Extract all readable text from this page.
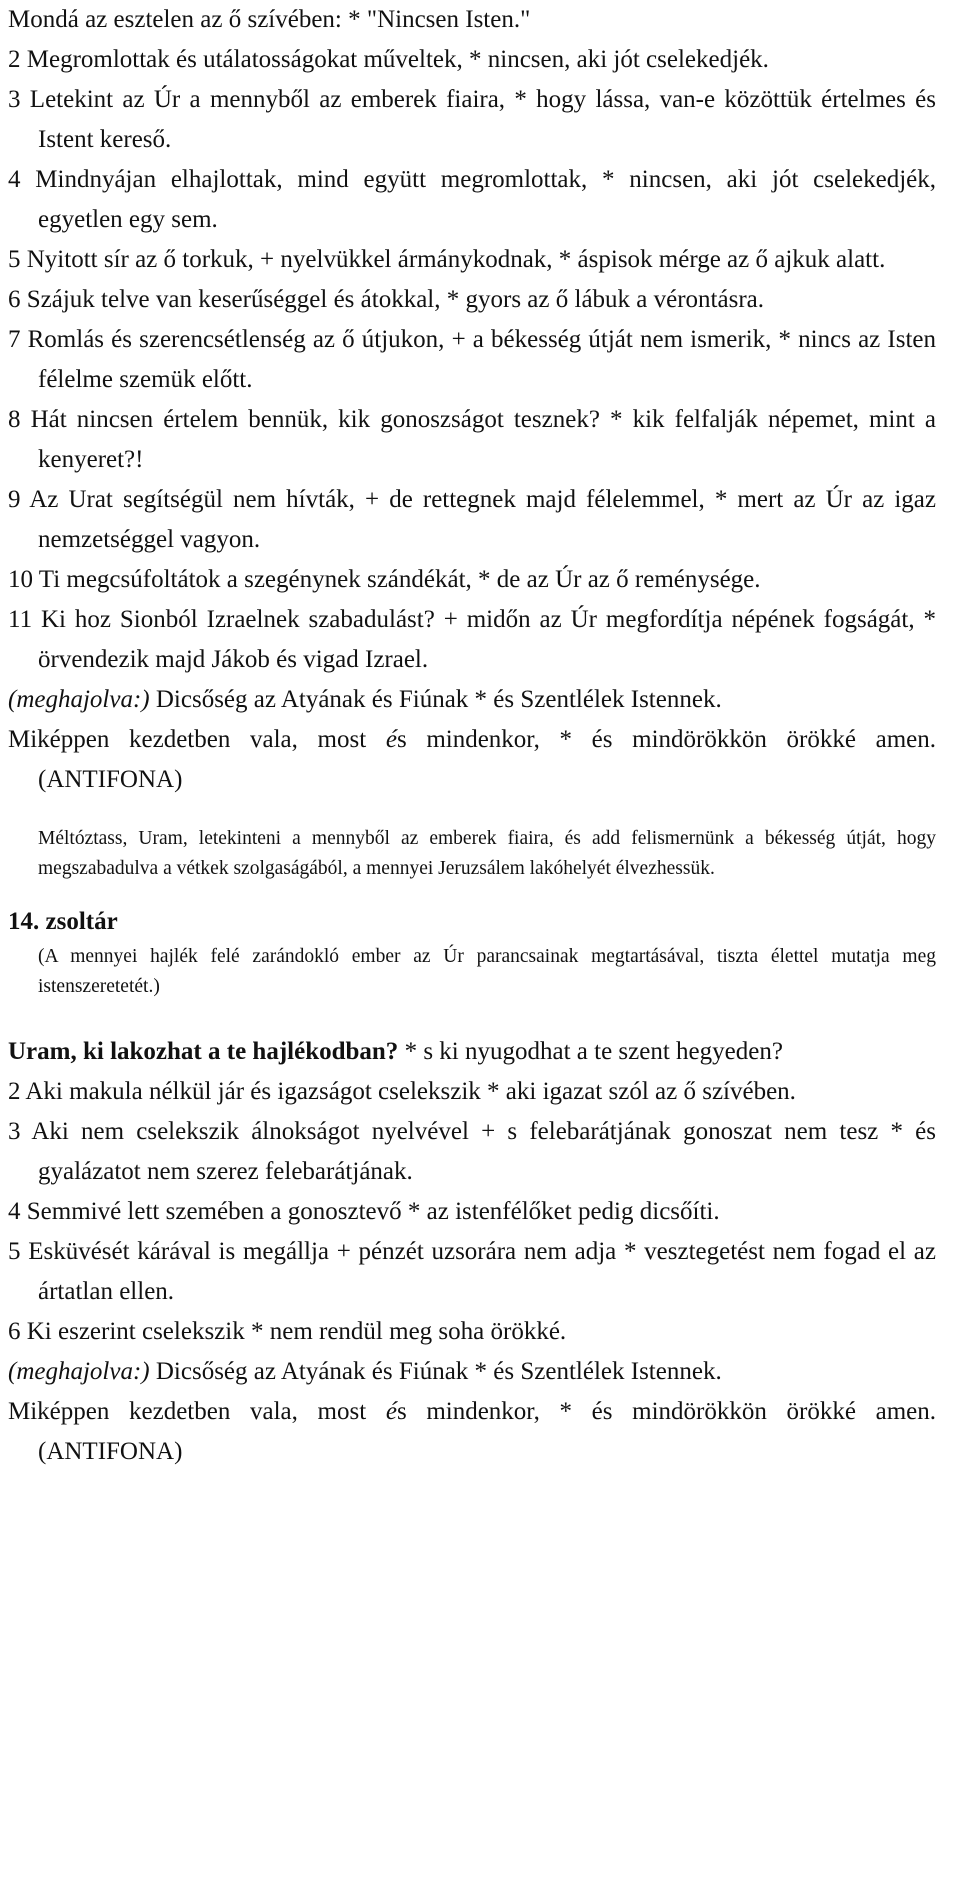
Mondá az esztelen az ő szívében: * "Nincsen Isten."

2 Megromlottak és utálatosságokat műveltek, * nincsen, aki jót cselekedjék.

3 Letekint az Úr a mennyből az emberek fiaira, * hogy lássa, van-e közöttük értelmes és Istent kereső.

4 Mindnyájan elhajlottak, mind együtt megromlottak, * nincsen, aki jót cselekedjék, egyetlen egy sem.

5 Nyitott sír az ő torkuk, + nyelvükkel ármánykodnak, * áspisok mérge az ő ajkuk alatt.

6 Szájuk telve van keserűséggel és átokkal, * gyors az ő lábuk a vérontásra.

7 Romlás és szerencsétlenség az ő útjukon, + a békesség útját nem ismerik, * nincs az Isten félelme szemük előtt.

8 Hát nincsen értelem bennük, kik gonoszságot tesznek? * kik felfalják népemet, mint a kenyeret?!

9 Az Urat segítségül nem hívták, + de rettegnek majd félelemmel, * mert az Úr az igaz nemzetséggel vagyon.

10 Ti megcsúfoltátok a szegénynek szándékát, * de az Úr az ő reménysége.

11 Ki hoz Sionból Izraelnek szabadulást? + midőn az Úr megfordítja népének fogságát, * örvendezik majd Jákob és vigad Izrael.

(meghajolva:) Dicsőség az Atyának és Fiúnak * és Szentlélek Istennek.

Miképpen kezdetben vala, most és mindenkor, * és mindörökkön örökké amen. (ANTIFONA)

Méltóztass, Uram, letekinteni a mennyből az emberek fiaira, és add felismernünk a békesség útját, hogy megszabadulva a vétkek szolgaságából, a mennyei Jeruzsálem lakóhelyét élvezhessük.

14. zsoltár

(A mennyei hajlék felé zarándokló ember az Úr parancsainak megtartásával, tiszta élettel mutatja meg istenszeretetét.)

Uram, ki lakozhat a te hajlékodban? * s ki nyugodhat a te szent hegyeden?

2 Aki makula nélkül jár és igazságot cselekszik * aki igazat szól az ő szívében.

3 Aki nem cselekszik álnokságot nyelvével + s felebarátjának gonoszat nem tesz * és gyalázatot nem szerez felebarátjának.

4 Semmivé lett szemében a gonosztevő * az istenfélőket pedig dicsőíti.

5 Esküvését kárával is megállja + pénzét uzsorára nem adja * vesztegetést nem fogad el az ártatlan ellen.

6 Ki eszerint cselekszik * nem rendül meg soha örökké.

(meghajolva:) Dicsőség az Atyának és Fiúnak * és Szentlélek Istennek.

Miképpen kezdetben vala, most és mindenkor, * és mindörökkön örökké amen. (ANTIFONA)
